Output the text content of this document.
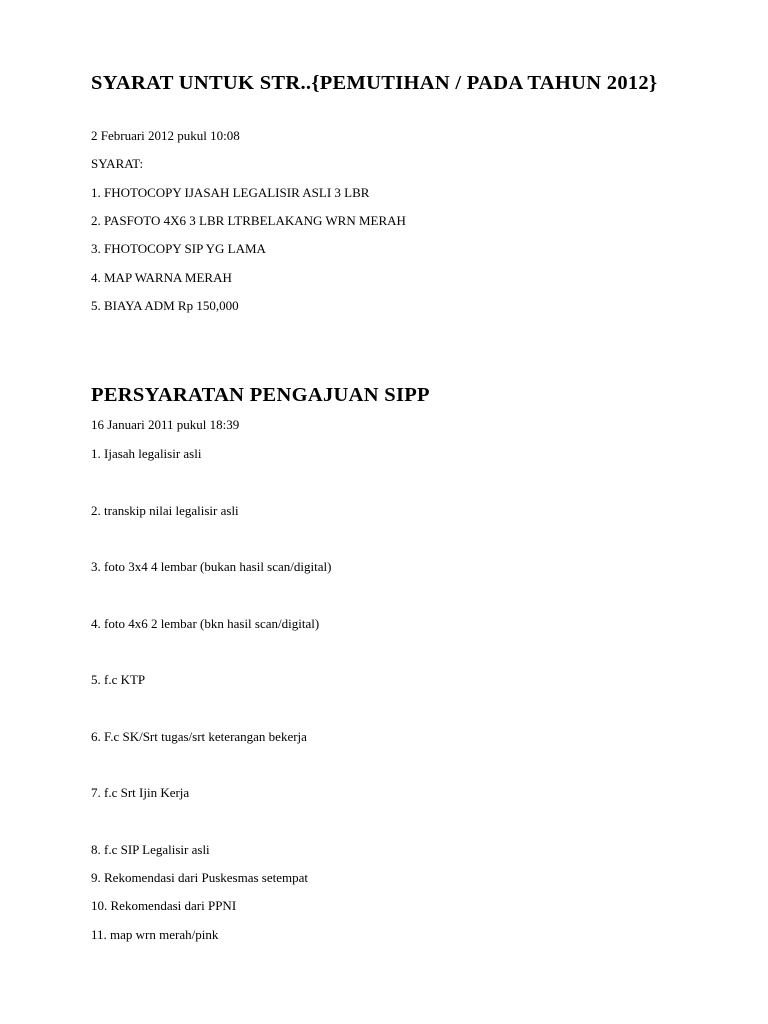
SYARAT UNTUK STR..{PEMUTIHAN / PADA TAHUN 2012}
2 Februari 2012 pukul 10:08
SYARAT:
1. FHOTOCOPY IJASAH LEGALISIR ASLI 3 LBR
2. PASFOTO 4X6 3 LBR LTRBELAKANG WRN MERAH
3. FHOTOCOPY SIP YG LAMA
4. MAP WARNA MERAH
5. BIAYA ADM Rp 150,000
PERSYARATAN PENGAJUAN SIPP
16 Januari 2011 pukul 18:39
1. Ijasah legalisir asli
2. transkip nilai legalisir asli
3. foto 3x4 4 lembar (bukan hasil scan/digital)
4. foto 4x6 2 lembar (bkn hasil scan/digital)
5. f.c KTP
6. F.c SK/Srt tugas/srt keterangan bekerja
7. f.c Srt Ijin Kerja
8. f.c SIP Legalisir asli
9. Rekomendasi dari Puskesmas setempat
10. Rekomendasi dari PPNI
11. map wrn merah/pink
